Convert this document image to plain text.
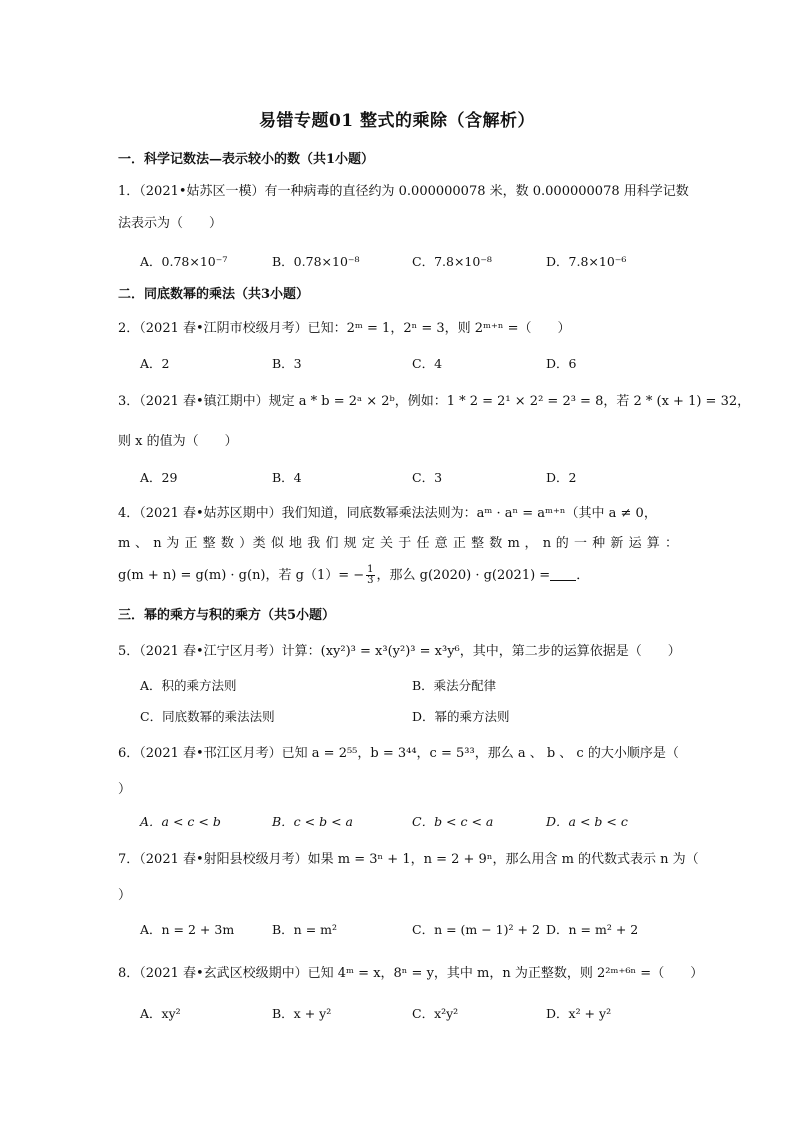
易错专题01 整式的乘除（含解析）
一．科学记数法—表示较小的数（共1小题）
1．（2021•姑苏区一模）有一种病毒的直径约为 0.000000078 米，数 0.000000078 用科学记数
法表示为（　　）
A．0.78×10⁻⁷	B．0.78×10⁻⁸	C．7.8×10⁻⁸	D．7.8×10⁻⁶
二．同底数幂的乘法（共3小题）
2．（2021 春•江阴市校级月考）已知：2ᵐ = 1，2ⁿ = 3，则 2ᵐ⁺ⁿ =（　　）
A．2	B．3	C．4	D．6
3．（2021 春•镇江期中）规定 a * b = 2ᵃ × 2ᵇ，例如：1 * 2 = 2¹ × 2² = 2³ = 8，若 2 * (x + 1) = 32，
则 x 的值为（　　）
A．29	B．4	C．3	D．2
4．（2021 春•姑苏区期中）我们知道，同底数幂乘法法则为：aᵐ · aⁿ = aᵐ⁺ⁿ（其中 a ≠ 0，
m 、 n 为 正 整 数 ）类 似 地 我 们 规 定 关 于 任 意 正 整 数 m ， n 的 一 种 新 运 算 ：
g(m + n) = g(m) · g(n)，若 $g(1)= - \frac{1}{3}$ ，那么 g(2020) · g(2021) = ．
三．幂的乘方与积的乘方（共5小题）
5．（2021 春•江宁区月考）计算：(xy²)³ = x³(y²)³ = x³y⁶，其中，第二步的运算依据是（　　）
A．积的乘方法则	B．乘法分配律
C．同底数幂的乘法法则	D．幂的乘方法则
6．（2021 春•邗江区月考）已知 a = 2⁵⁵，b = 3⁴⁴，c = 5³³，那么 a 、 b 、 c 的大小顺序是（
）
A．a < c < b	B．c < b < a	C．b < c < a	D．a < b < c
7．（2021 春•射阳县校级月考）如果 m = 3ⁿ + 1，n = 2 + 9ⁿ，那么用含 m 的代数式表示 n 为（
）
A．n = 2 + 3m	B．n = m²	C．n = (m − 1)² + 2 D．n = m² + 2
8．（2021 春•玄武区校级期中）已知 4ᵐ = x，8ⁿ = y，其中 m，n 为正整数，则 2²ᵐ⁺⁶ⁿ =（　　）
A．xy²	B．x + y²	C．x²y²	D．x² + y²
